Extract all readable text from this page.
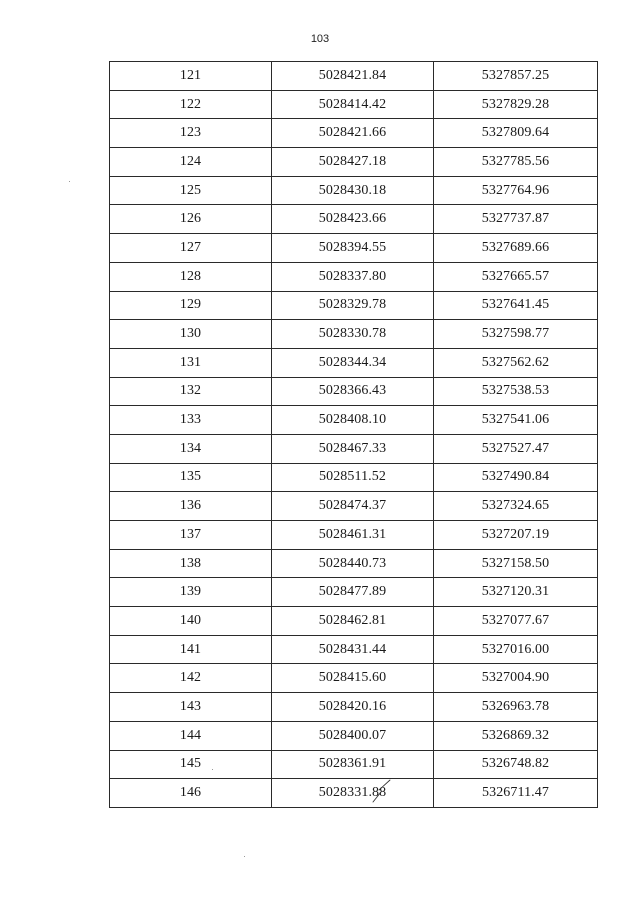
103
121	5028421.84	5327857.25
122	5028414.42	5327829.28
123	5028421.66	5327809.64
124	5028427.18	5327785.56
125	5028430.18	5327764.96
126	5028423.66	5327737.87
127	5028394.55	5327689.66
128	5028337.80	5327665.57
129	5028329.78	5327641.45
130	5028330.78	5327598.77
131	5028344.34	5327562.62
132	5028366.43	5327538.53
133	5028408.10	5327541.06
134	5028467.33	5327527.47
135	5028511.52	5327490.84
136	5028474.37	5327324.65
137	5028461.31	5327207.19
138	5028440.73	5327158.50
139	5028477.89	5327120.31
140	5028462.81	5327077.67
141	5028431.44	5327016.00
142	5028415.60	5327004.90
143	5028420.16	5326963.78
144	5028400.07	5326869.32
145	5028361.91	5326748.82
146	5028331.88	5326711.47
